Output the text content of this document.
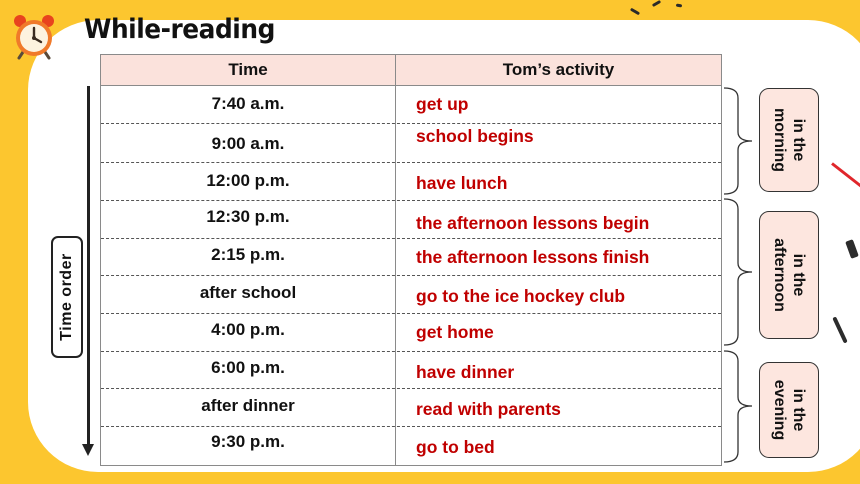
While-reading
Time order
Time	Tom’s activity
7:40 a.m.	get up
9:00 a.m.	school begins
12:00 p.m.	have lunch
12:30 p.m.	the afternoon lessons begin
2:15 p.m.	the afternoon lessons finish
after school	go to the ice hockey club
4:00 p.m.	get home
6:00 p.m.	have dinner
after dinner	read with parents
9:30 p.m.	go to bed
in the
morning
in the
afternoon
in the
evening
